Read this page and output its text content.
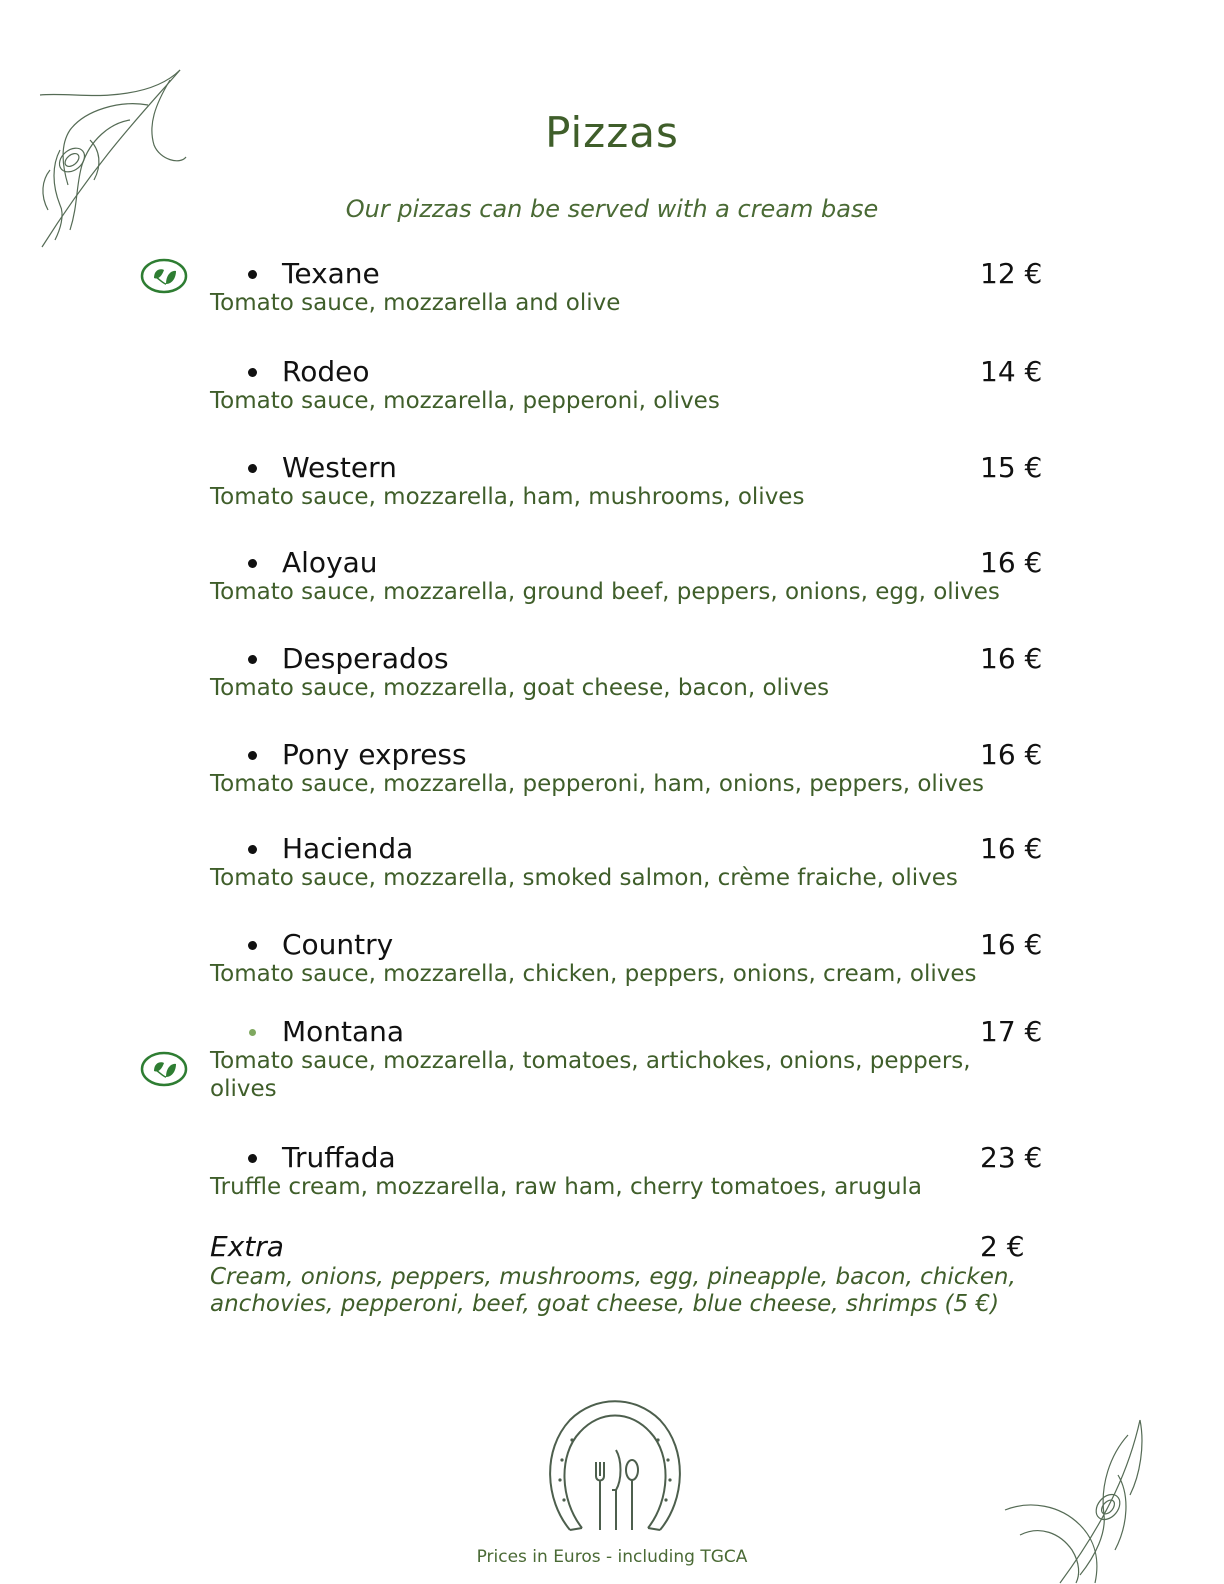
Pizzas
Our pizzas can be served with a cream base
Texane	12 €
Tomato sauce, mozzarella and olive
Rodeo	14 €
Tomato sauce, mozzarella, pepperoni, olives
Western	15 €
Tomato sauce, mozzarella, ham, mushrooms, olives
Aloyau	16 €
Tomato sauce, mozzarella, ground beef, peppers, onions, egg, olives
Desperados	16 €
Tomato sauce, mozzarella, goat cheese, bacon, olives
Pony express	16 €
Tomato sauce, mozzarella, pepperoni, ham, onions, peppers, olives
Hacienda	16 €
Tomato sauce, mozzarella, smoked salmon, crème fraiche, olives
Country	16 €
Tomato sauce, mozzarella, chicken, peppers, onions, cream, olives
Montana	17 €
Tomato sauce, mozzarella, tomatoes, artichokes, onions, peppers, olives
Truffada	23 €
Truffle cream, mozzarella, raw ham, cherry tomatoes, arugula
Extra	2 €
Cream, onions, peppers, mushrooms, egg, pineapple, bacon, chicken, anchovies, pepperoni, beef, goat cheese, blue cheese, shrimps (5 €)
Prices in Euros - including TGCA
